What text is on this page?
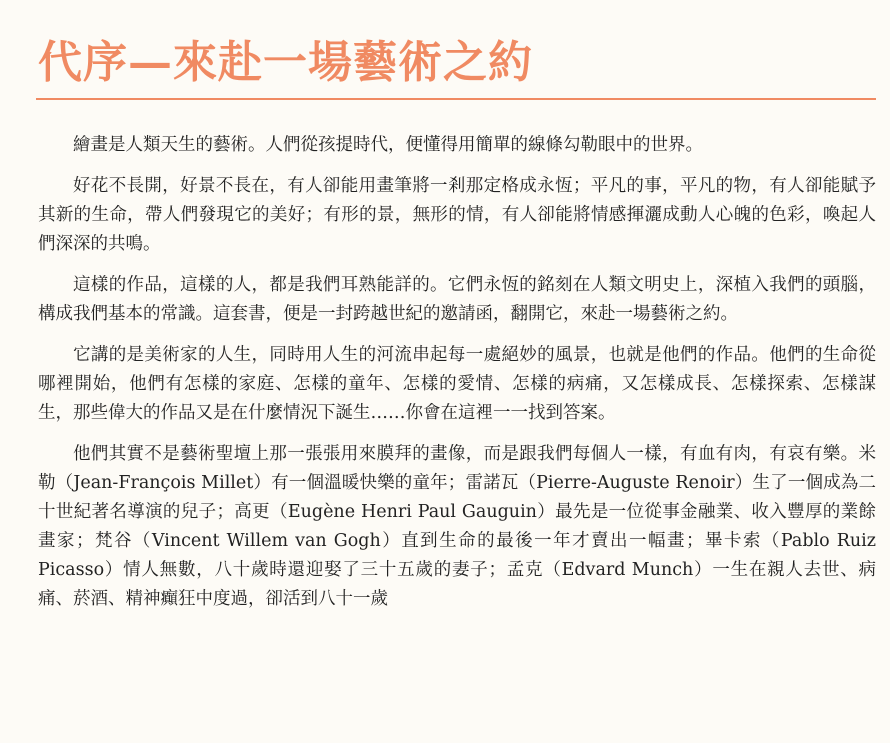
代序—來赴一場藝術之約

繪畫是人類天生的藝術。人們從孩提時代，便懂得用簡單的線條勾勒眼中的世界。

好花不長開，好景不長在，有人卻能用畫筆將一剎那定格成永恆；平凡的事，平凡的物，有人卻能賦予其新的生命，帶人們發現它的美好；有形的景，無形的情，有人卻能將情感揮灑成動人心魄的色彩，喚起人們深深的共鳴。

這樣的作品，這樣的人，都是我們耳熟能詳的。它們永恆的銘刻在人類文明史上，深植入我們的頭腦，構成我們基本的常識。這套書，便是一封跨越世紀的邀請函，翻開它，來赴一場藝術之約。

它講的是美術家的人生，同時用人生的河流串起每一處絕妙的風景，也就是他們的作品。他們的生命從哪裡開始，他們有怎樣的家庭、怎樣的童年、怎樣的愛情、怎樣的病痛，又怎樣成長、怎樣探索、怎樣謀生，那些偉大的作品又是在什麼情況下誕生……你會在這裡一一找到答案。

他們其實不是藝術聖壇上那一張張用來膜拜的畫像，而是跟我們每個人一樣，有血有肉，有哀有樂。米勒（Jean-François Millet）有一個溫暖快樂的童年；雷諾瓦（Pierre-Auguste Renoir）生了一個成為二十世紀著名導演的兒子；高更（Eugène Henri Paul Gauguin）最先是一位從事金融業、收入豐厚的業餘畫家；梵谷（Vincent Willem van Gogh）直到生命的最後一年才賣出一幅畫；畢卡索（Pablo Ruiz Picasso）情人無數，八十歲時還迎娶了三十五歲的妻子；孟克（Edvard Munch）一生在親人去世、病痛、菸酒、精神癲狂中度過，卻活到八十一歲
